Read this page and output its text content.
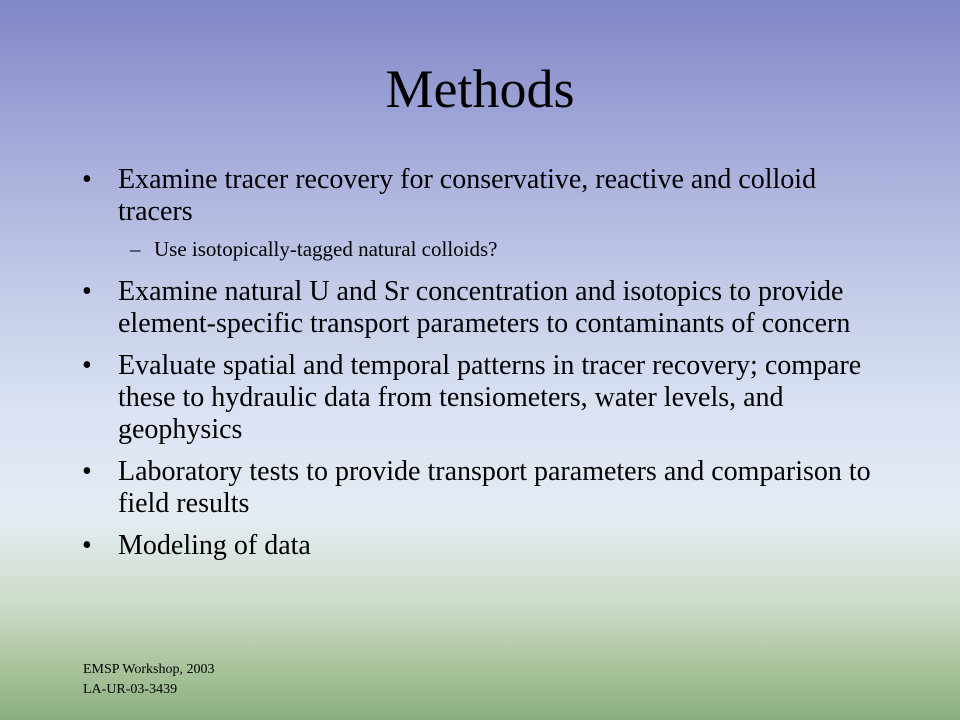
Methods
• Examine tracer recovery for conservative, reactive and colloid tracers
– Use isotopically-tagged natural colloids?
• Examine natural U and Sr concentration and isotopics to provide element-specific transport parameters to contaminants of concern
• Evaluate spatial and temporal patterns in tracer recovery; compare these to hydraulic data from tensiometers, water levels, and geophysics
• Laboratory tests to provide transport parameters and comparison to field results
• Modeling of data
EMSP Workshop, 2003
LA-UR-03-3439
